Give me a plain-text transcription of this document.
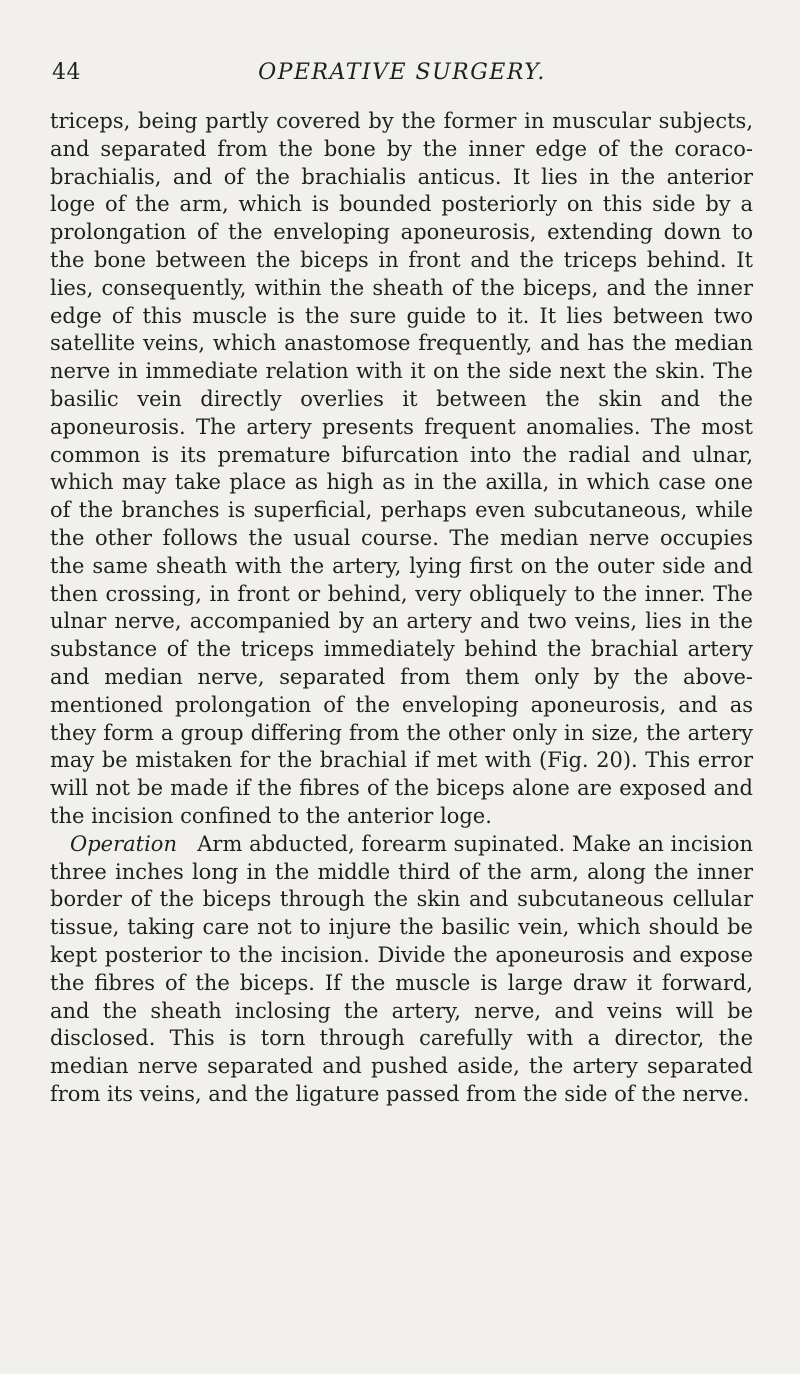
44	OPERATIVE SURGERY.

triceps, being partly covered by the former in muscular subjects, and separated from the bone by the inner edge of the coraco-brachialis, and of the brachialis anticus. It lies in the anterior loge of the arm, which is bounded posteriorly on this side by a prolongation of the enveloping aponeurosis, extending down to the bone between the biceps in front and the triceps behind. It lies, consequently, within the sheath of the biceps, and the inner edge of this muscle is the sure guide to it. It lies between two satellite veins, which anastomose frequently, and has the median nerve in immediate relation with it on the side next the skin. The basilic vein directly overlies it between the skin and the aponeurosis. The artery presents frequent anomalies. The most common is its premature bifurcation into the radial and ulnar, which may take place as high as in the axilla, in which case one of the branches is superficial, perhaps even subcutaneous, while the other follows the usual course. The median nerve occupies the same sheath with the artery, lying first on the outer side and then crossing, in front or behind, very obliquely to the inner. The ulnar nerve, accompanied by an artery and two veins, lies in the substance of the triceps immediately behind the brachial artery and median nerve, separated from them only by the above-mentioned prolongation of the enveloping aponeurosis, and as they form a group differing from the other only in size, the artery may be mistaken for the brachial if met with (Fig. 20). This error will not be made if the fibres of the biceps alone are exposed and the incision confined to the anterior loge.

Operation Arm abducted, forearm supinated. Make an incision three inches long in the middle third of the arm, along the inner border of the biceps through the skin and subcutaneous cellular tissue, taking care not to injure the basilic vein, which should be kept posterior to the incision. Divide the aponeurosis and expose the fibres of the biceps. If the muscle is large draw it forward, and the sheath inclosing the artery, nerve, and veins will be disclosed. This is torn through carefully with a director, the median nerve separated and pushed aside, the artery separated from its veins, and the ligature passed from the side of the nerve.
